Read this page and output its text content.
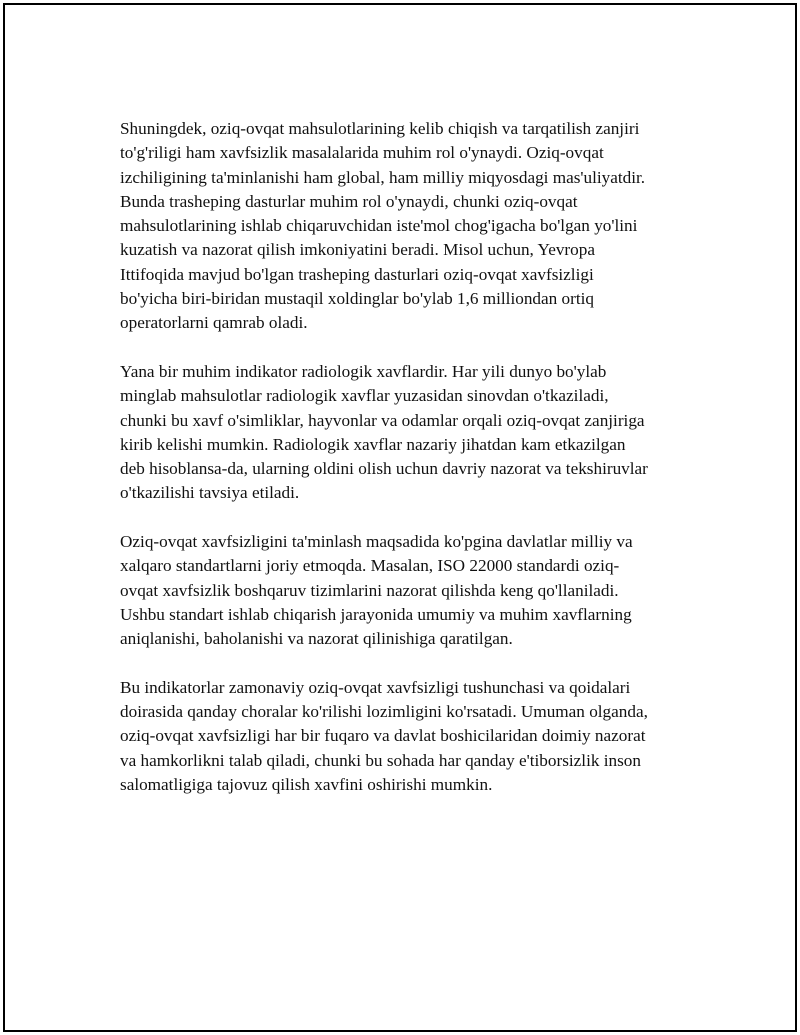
Shuningdek, oziq-ovqat mahsulotlarining kelib chiqish va tarqatilish zanjiri
to'g'riligi ham xavfsizlik masalalarida muhim rol o'ynaydi. Oziq-ovqat
izchiligining ta'minlanishi ham global, ham milliy miqyosdagi mas'uliyatdir.
Bunda trasheping dasturlar muhim rol o'ynaydi, chunki oziq-ovqat
mahsulotlarining ishlab chiqaruvchidan iste'mol chog'igacha bo'lgan yo'lini
kuzatish va nazorat qilish imkoniyatini beradi. Misol uchun, Yevropa
Ittifoqida mavjud bo'lgan trasheping dasturlari oziq-ovqat xavfsizligi
bo'yicha biri-biridan mustaqil xoldinglar bo'ylab 1,6 milliondan ortiq
operatorlarni qamrab oladi.

Yana bir muhim indikator radiologik xavflardir. Har yili dunyo bo'ylab
minglab mahsulotlar radiologik xavflar yuzasidan sinovdan o'tkaziladi,
chunki bu xavf o'simliklar, hayvonlar va odamlar orqali oziq-ovqat zanjiriga
kirib kelishi mumkin. Radiologik xavflar nazariy jihatdan kam etkazilgan
deb hisoblansa-da, ularning oldini olish uchun davriy nazorat va tekshiruvlar
o'tkazilishi tavsiya etiladi.

Oziq-ovqat xavfsizligini ta'minlash maqsadida ko'pgina davlatlar milliy va
xalqaro standartlarni joriy etmoqda. Masalan, ISO 22000 standardi oziq-
ovqat xavfsizlik boshqaruv tizimlarini nazorat qilishda keng qo'llaniladi.
Ushbu standart ishlab chiqarish jarayonida umumiy va muhim xavflarning
aniqlanishi, baholanishi va nazorat qilinishiga qaratilgan.

Bu indikatorlar zamonaviy oziq-ovqat xavfsizligi tushunchasi va qoidalari
doirasida qanday choralar ko'rilishi lozimligini ko'rsatadi. Umuman olganda,
oziq-ovqat xavfsizligi har bir fuqaro va davlat boshicilaridan doimiy nazorat
va hamkorlikni talab qiladi, chunki bu sohada har qanday e'tiborsizlik inson
salomatligiga tajovuz qilish xavfini oshirishi mumkin.
